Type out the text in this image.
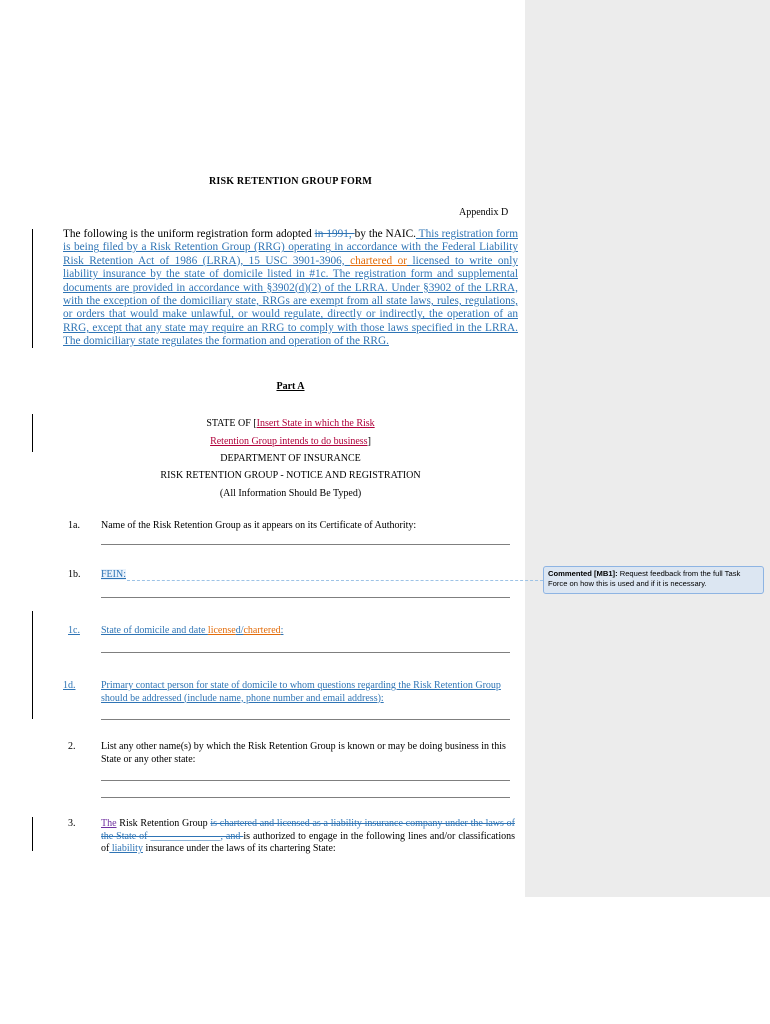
RISK RETENTION GROUP FORM
Appendix D
The following is the uniform registration form adopted in 1991, by the NAIC. This registration form is being filed by a Risk Retention Group (RRG) operating in accordance with the Federal Liability Risk Retention Act of 1986 (LRRA), 15 USC 3901-3906, chartered or licensed to write only liability insurance by the state of domicile listed in #1c. The registration form and supplemental documents are provided in accordance with §3902(d)(2) of the LRRA. Under §3902 of the LRRA, with the exception of the domiciliary state, RRGs are exempt from all state laws, rules, regulations, or orders that would make unlawful, or would regulate, directly or indirectly, the operation of an RRG, except that any state may require an RRG to comply with those laws specified in the LRRA. The domiciliary state regulates the formation and operation of the RRG.
Part A
STATE OF [Insert State in which the Risk
Retention Group intends to do business]
DEPARTMENT OF INSURANCE
RISK RETENTION GROUP - NOTICE AND REGISTRATION
(All Information Should Be Typed)
1a. Name of the Risk Retention Group as it appears on its Certificate of Authority:
1b. FEIN:
1c. State of domicile and date licensed/chartered:
1d.	Primary contact person for state of domicile to whom questions regarding the Risk Retention Group should be addressed (include name, phone number and email address):
2.	List any other name(s) by which the Risk Retention Group is known or may be doing business in this State or any other state:
3.	The Risk Retention Group is chartered and licensed as a liability insurance company under the laws of the State of ______________, and is authorized to engage in the following lines and/or classifications of liability insurance under the laws of its chartering State:
Commented [MB1]: Request feedback from the full Task Force on how this is used and if it is necessary.
